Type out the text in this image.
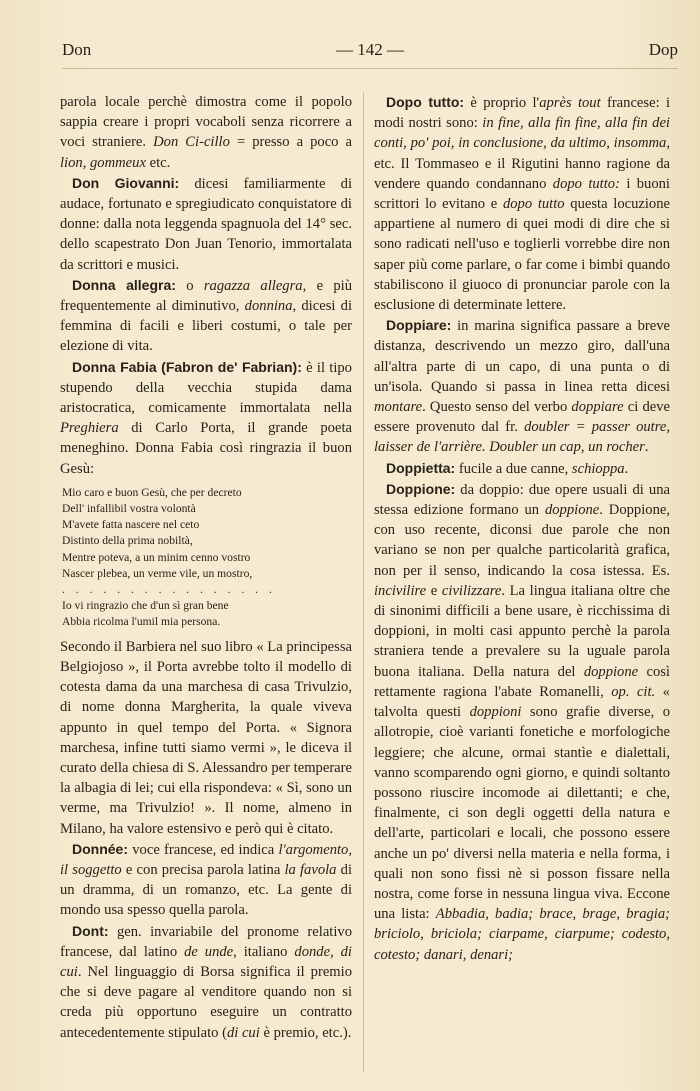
Don	— 142 —	Dop

parola locale perchè dimostra come il popolo sappia creare i propri vocaboli senza ricorrere a voci straniere. Don Ci-cillo = presso a poco a lion, gommeux etc.

Don Giovanni: dicesi familiarmente di audace, fortunato e spregiudicato conquistatore di donne: dalla nota leggenda spagnuola del 14° sec. dello scapestrato Don Juan Tenorio, immortalata da scrittori e musici.

Donna allegra: o ragazza allegra, e più frequentemente al diminutivo, donnina, dicesi di femmina di facili e liberi costumi, o tale per elezione di vita.

Donna Fabia (Fabron de' Fabrian): è il tipo stupendo della vecchia stupida dama aristocratica, comicamente immortalata nella Preghiera di Carlo Porta, il grande poeta meneghino. Donna Fabia così ringrazia il buon Gesù:

Mio caro e buon Gesù, che per decreto
Dell' infallibil vostra volontà
M'avete fatta nascere nel ceto
Distinto della prima nobiltà,
Mentre poteva, a un minim cenno vostro
Nascer plebea, un verme vile, un mostro,
. . . . . . . . . . . . . . . .
Io vi ringrazio che d'un sì gran bene
Abbia ricolma l'umil mia persona.

Secondo il Barbiera nel suo libro « La principessa Belgiojoso », il Porta avrebbe tolto il modello di cotesta dama da una marchesa di casa Trivulzio, di nome donna Margherita, la quale viveva appunto in quel tempo del Porta. « Signora marchesa, infine tutti siamo vermi », le diceva il curato della chiesa di S. Alessandro per temperare la albagia di lei; cui ella rispondeva: « Sì, sono un verme, ma Trivulzio! ». Il nome, almeno in Milano, ha valore estensivo e però qui è citato.

Donnée: voce francese, ed indica l'argomento, il soggetto e con precisa parola latina la favola di un dramma, di un romanzo, etc. La gente di mondo usa spesso quella parola.

Dont: gen. invariabile del pronome relativo francese, dal latino de unde, italiano donde, di cui. Nel linguaggio di Borsa significa il premio che si deve pagare al venditore quando non si creda più opportuno eseguire un contratto antecedentemente stipulato (di cui è premio, etc.).

Dopo tutto: è proprio l'après tout francese: i modi nostri sono: in fine, alla fin fine, alla fin dei conti, po' poi, in conclusione, da ultimo, insomma, etc. Il Tommaseo e il Rigutini hanno ragione da vendere quando condannano dopo tutto: i buoni scrittori lo evitano e dopo tutto questa locuzione appartiene al numero di quei modi di dire che si sono radicati nell'uso e toglierli vorrebbe dire non saper più come parlare, o far come i bimbi quando stabiliscono il giuoco di pronunciar parole con la esclusione di determinate lettere.

Doppiare: in marina significa passare a breve distanza, descrivendo un mezzo giro, dall'una all'altra parte di un capo, di una punta o di un'isola. Quando si passa in linea retta dicesi montare. Questo senso del verbo doppiare ci deve essere provenuto dal fr. doubler = passer outre, laisser de l'arrière. Doubler un cap, un rocher.

Doppietta: fucile a due canne, schioppa.

Doppione: da doppio: due opere usuali di una stessa edizione formano un doppione. Doppione, con uso recente, diconsi due parole che non variano se non per qualche particolarità grafica, non per il senso, indicando la cosa istessa. Es. incivilire e civilizzare. La lingua italiana oltre che di sinonimi difficili a bene usare, è ricchissima di doppioni, in molti casi appunto perchè la parola straniera tende a prevalere su la uguale parola buona italiana. Della natura del doppione così rettamente ragiona l'abate Romanelli, op. cit. « talvolta questi doppioni sono grafie diverse, o allotropie, cioè varianti fonetiche e morfologiche leggiere; che alcune, ormai stantìe e dialettali, vanno scomparendo ogni giorno, e quindi soltanto possono riuscire incomode ai dilettanti; e che, finalmente, ci son degli oggetti della natura e dell'arte, particolari e locali, che possono essere anche un po' diversi nella materia e nella forma, i quali non sono fissi nè si posson fissare nella nostra, come forse in nessuna lingua viva. Eccone una lista: Abbadia, badia; brace, brage, bragia; briciolo, briciola; ciarpame, ciarpume; codesto, cotesto; danari, denari;
